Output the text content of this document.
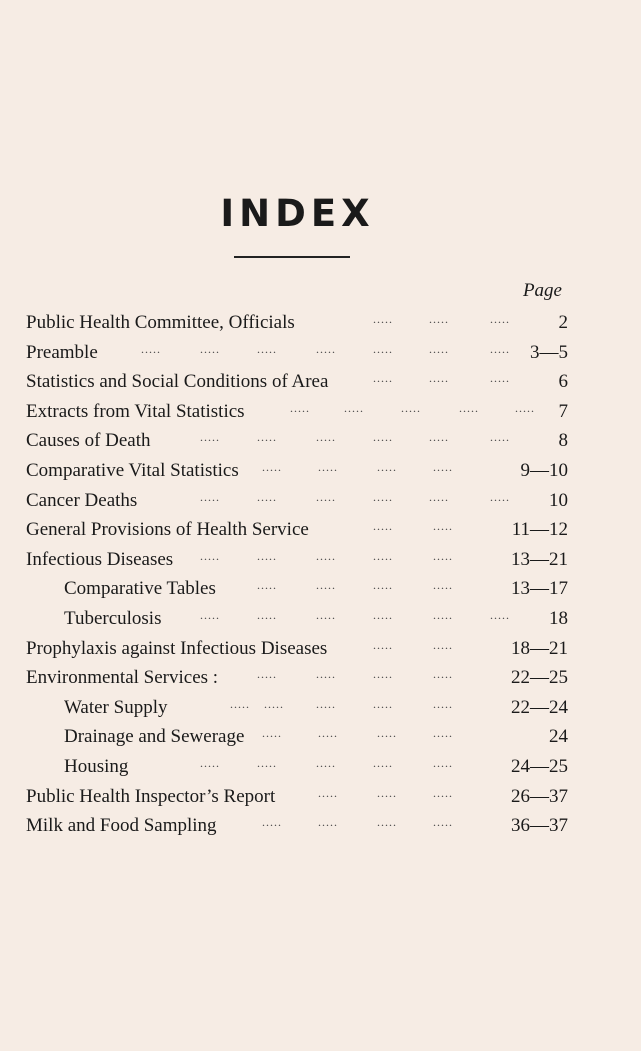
INDEX
Page
Public Health Committee, Officials	.....	.....	.....	2
Preamble	.....	.....	.....	.....	.....	.....	..... 3—5
Statistics and Social Conditions of Area	.....	.....	.....	6
Extracts from Vital Statistics	.....	.....	.....	.....	..... 7
Causes of Death	.....	.....	.....	.....	.....	.....	8
Comparative Vital Statistics .....	.....	.....	.....	9—10
Cancer Deaths	.....	.....	.....	.....	.....	..... 10
General Provisions of Health Service	.....	.....	11—12
Infectious Diseases .....	.....	.....	.....	.....	13—21
Comparative Tables	.....	.....	.....	.....	13—17
Tuberculosis	.....	.....	.....	.....	.....	..... 18
Prophylaxis against Infectious Diseases	.....	.....	18—21
Environmental Services :	.....	.....	.....	.....	22—25
Water Supply	..... .....	.....	.....	.....	22—24
Drainage and Sewerage .....	.....	.....	.....	24
Housing	.....	.....	.....	.....	.....	24—25
Public Health Inspector’s Report	.....	.....	.....	26—37
Milk and Food Sampling	.....	.....	.....	.....	36—37
